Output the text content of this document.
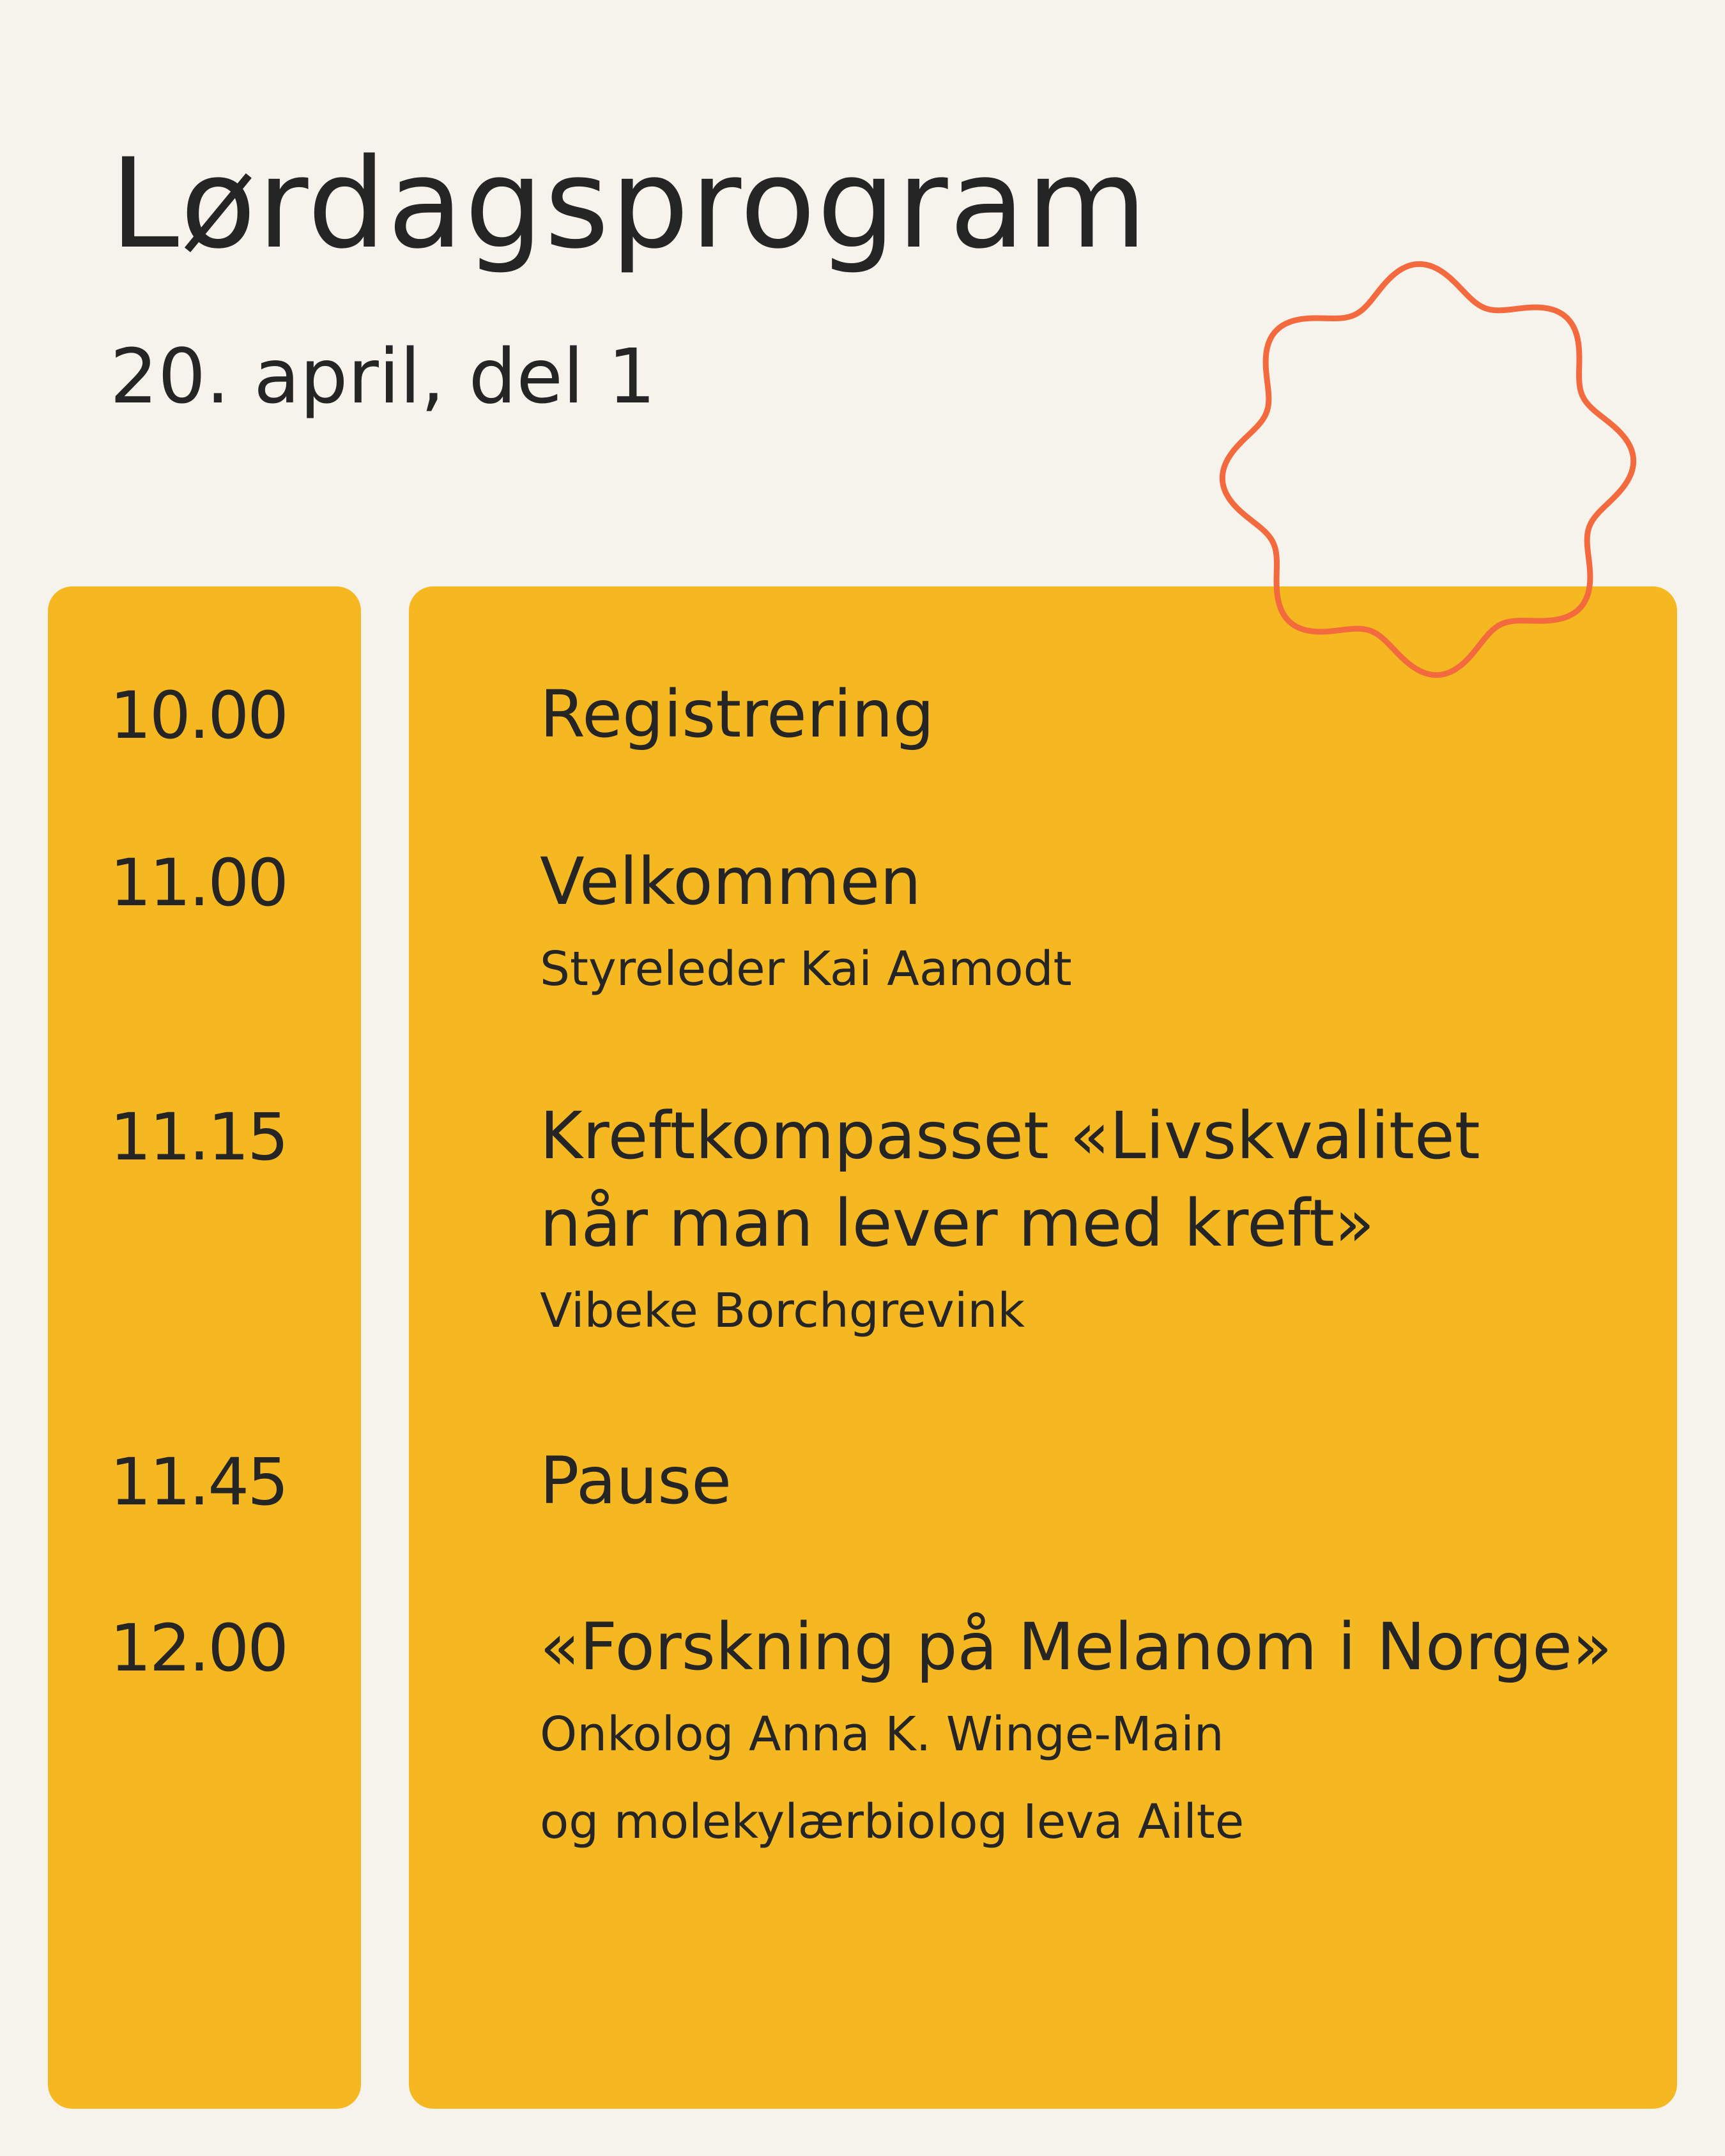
Lørdagsprogram
20. april, del 1

10.00	Registrering

11.00	Velkommen

Styreleder Kai Aamodt

11.15	Kreftkompasset «Livskvalitet

når man lever med kreft»

Vibeke Borchgrevink

11.45	Pause

12.00	«Forskning på Melanom i Norge»

Onkolog Anna K. Winge-Main

og molekylærbiolog Ieva Ailte
